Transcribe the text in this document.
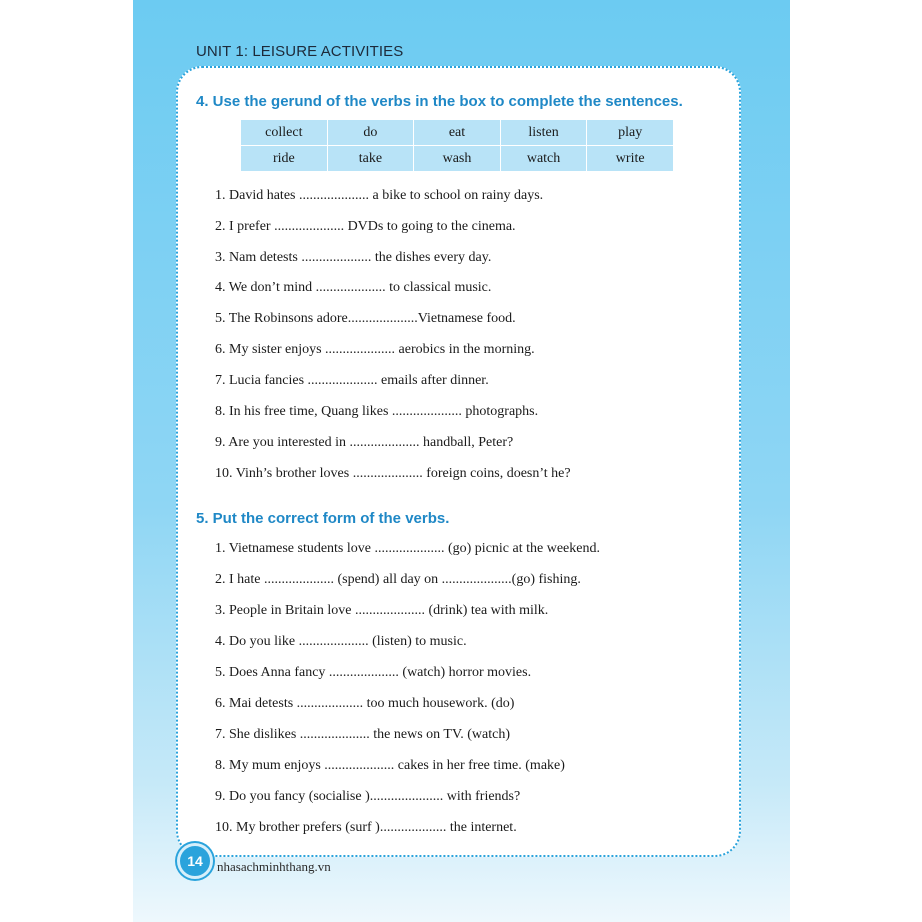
UNIT 1: LEISURE ACTIVITIES
4. Use the gerund of the verbs in the box to complete the sentences.
collect	do	eat	listen	play
ride	take	wash	watch	write
1. David hates .................... a bike to school on rainy days.
2. I prefer .................... DVDs to going to the cinema.
3. Nam detests .................... the dishes every day.
4. We don’t mind .................... to classical music.
5. The Robinsons adore....................Vietnamese food.
6. My sister enjoys .................... aerobics in the morning.
7. Lucia fancies .................... emails after dinner.
8. In his free time, Quang likes .................... photographs.
9. Are you interested in .................... handball, Peter?
10. Vinh’s brother loves .................... foreign coins, doesn’t he?
5. Put the correct form of the verbs.
1. Vietnamese students love .................... (go) picnic at the weekend.
2. I hate .................... (spend) all day on ....................(go) fishing.
3. People in Britain love .................... (drink) tea with milk.
4. Do you like .................... (listen) to music.
5. Does Anna fancy .................... (watch) horror movies.
6. Mai detests ................... too much housework. (do)
7. She dislikes .................... the news on TV. (watch)
8. My mum enjoys .................... cakes in her free time. (make)
9. Do you fancy (socialise )..................... with friends?
10. My brother prefers (surf )................... the internet.
14	nhasachminhthang.vn
